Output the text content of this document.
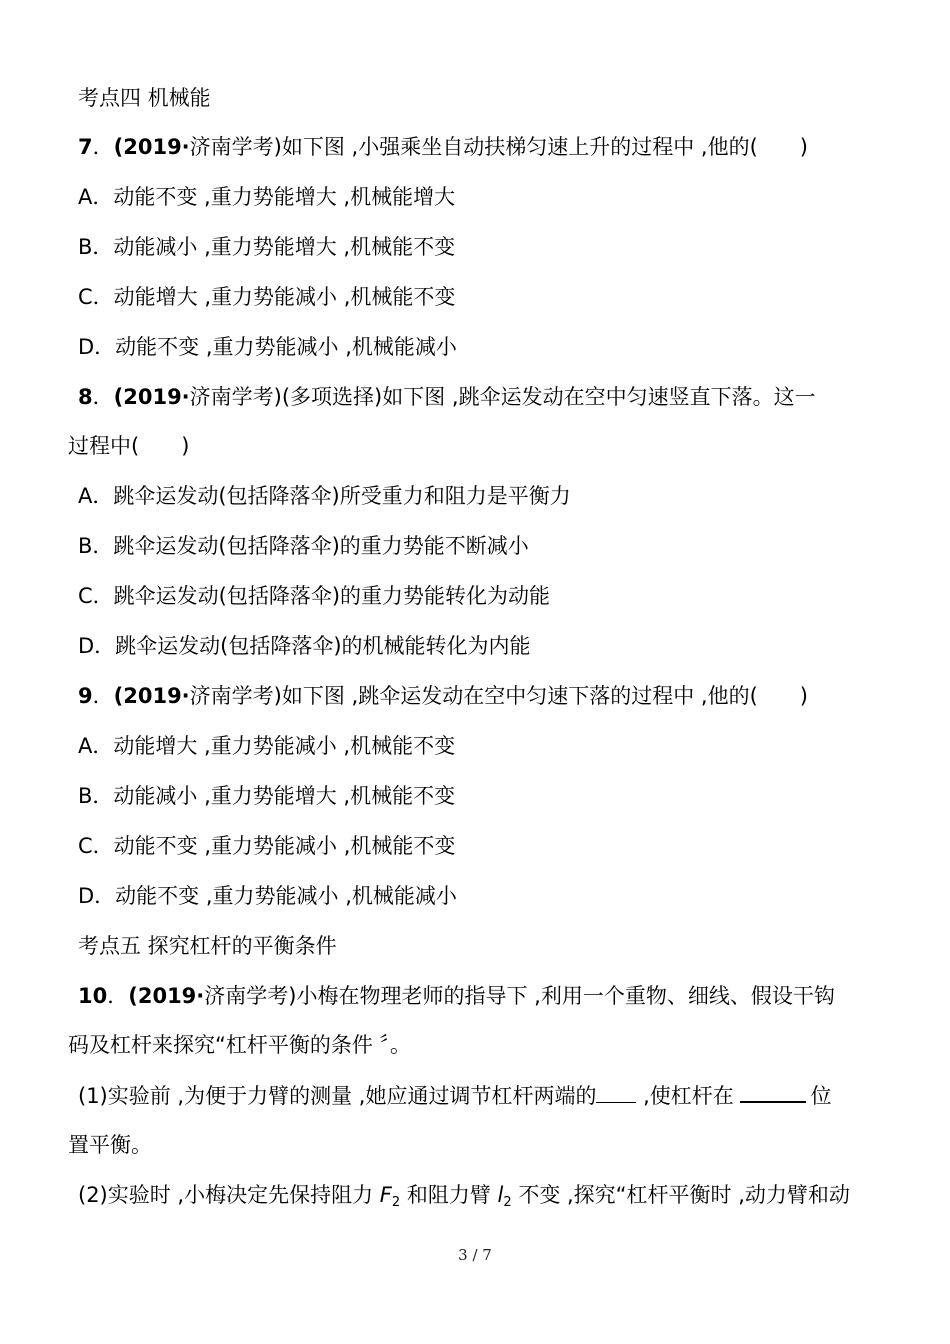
考点四 机械能
7．(2019·济南学考)如下图 ,小强乘坐自动扶梯匀速上升的过程中 ,他的(　　)
A．动能不变 ,重力势能增大 ,机械能增大
B．动能减小 ,重力势能增大 ,机械能不变
C．动能增大 ,重力势能减小 ,机械能不变
D．动能不变 ,重力势能减小 ,机械能减小
8．(2019·济南学考)(多项选择)如下图 ,跳伞运发动在空中匀速竖直下落。这一
过程中(　　)
A．跳伞运发动(包括降落伞)所受重力和阻力是平衡力
B．跳伞运发动(包括降落伞)的重力势能不断减小
C．跳伞运发动(包括降落伞)的重力势能转化为动能
D．跳伞运发动(包括降落伞)的机械能转化为内能
9．(2019·济南学考)如下图 ,跳伞运发动在空中匀速下落的过程中 ,他的(　　)
A．动能增大 ,重力势能减小 ,机械能不变
B．动能减小 ,重力势能增大 ,机械能不变
C．动能不变 ,重力势能减小 ,机械能不变
D．动能不变 ,重力势能减小 ,机械能减小
考点五 探究杠杆的平衡条件
10．(2019·济南学考)小梅在物理老师的指导下 ,利用一个重物、细线、假设干钩
码及杠杆来探究“杠杆平衡的条件 〞。
(1)实验前 ,为便于力臂的测量 ,她应通过调节杠杆两端的 ,使杠杆在	位
置平衡。
(2)实验时 ,小梅决定先保持阻力 $F_2$ 和阻力臂 $l_2$ 不变 ,探究“杠杆平衡时 ,动力臂和动
3 / 7
